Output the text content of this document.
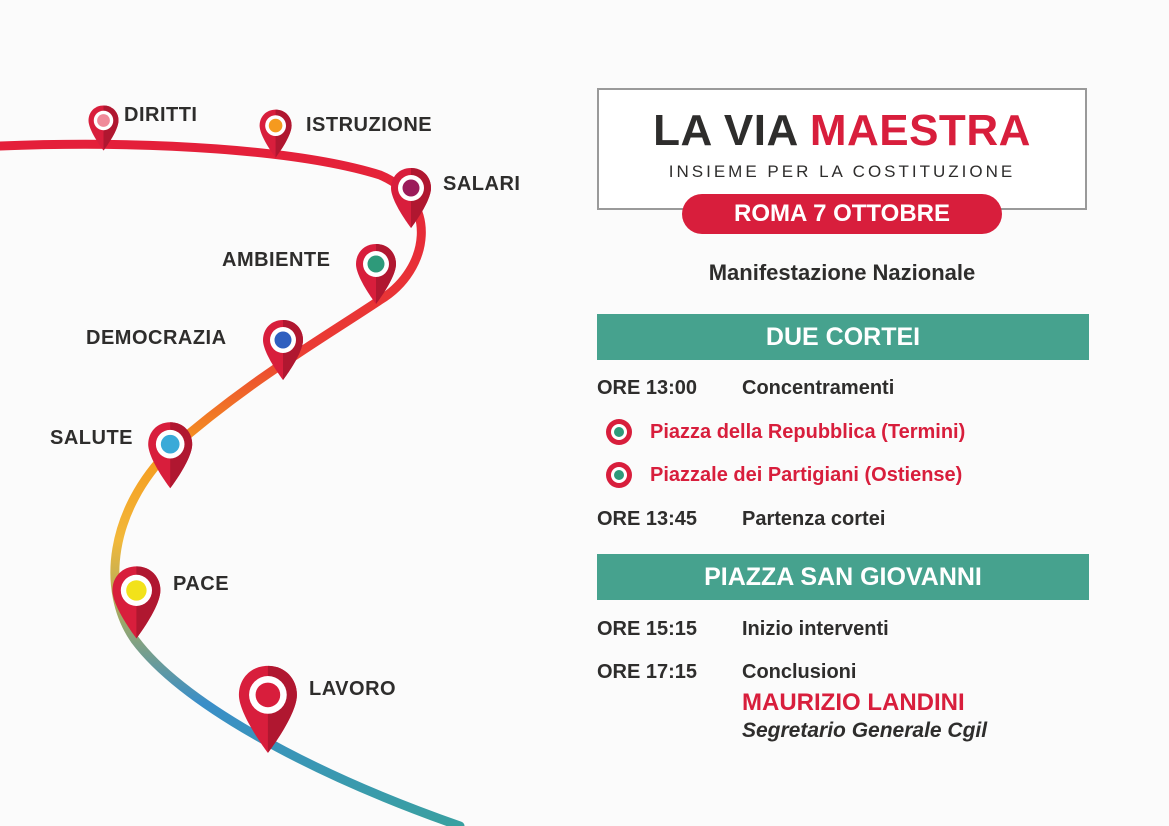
DIRITTI	ISTRUZIONE
SALARI
AMBIENTE
DEMOCRAZIA
SALUTE
PACE
LAVORO
LA VIA MAESTRA
INSIEME PER LA COSTITUZIONE
ROMA 7 OTTOBRE
Manifestazione Nazionale
DUE CORTEI
ORE 13:00 Concentramenti
Piazza della Repubblica (Termini)
Piazzale dei Partigiani (Ostiense)
ORE 13:45 Partenza cortei
PIAZZA SAN GIOVANNI
ORE 15:15 Inizio interventi
ORE 17:15 Conclusioni
MAURIZIO LANDINI
Segretario Generale Cgil
